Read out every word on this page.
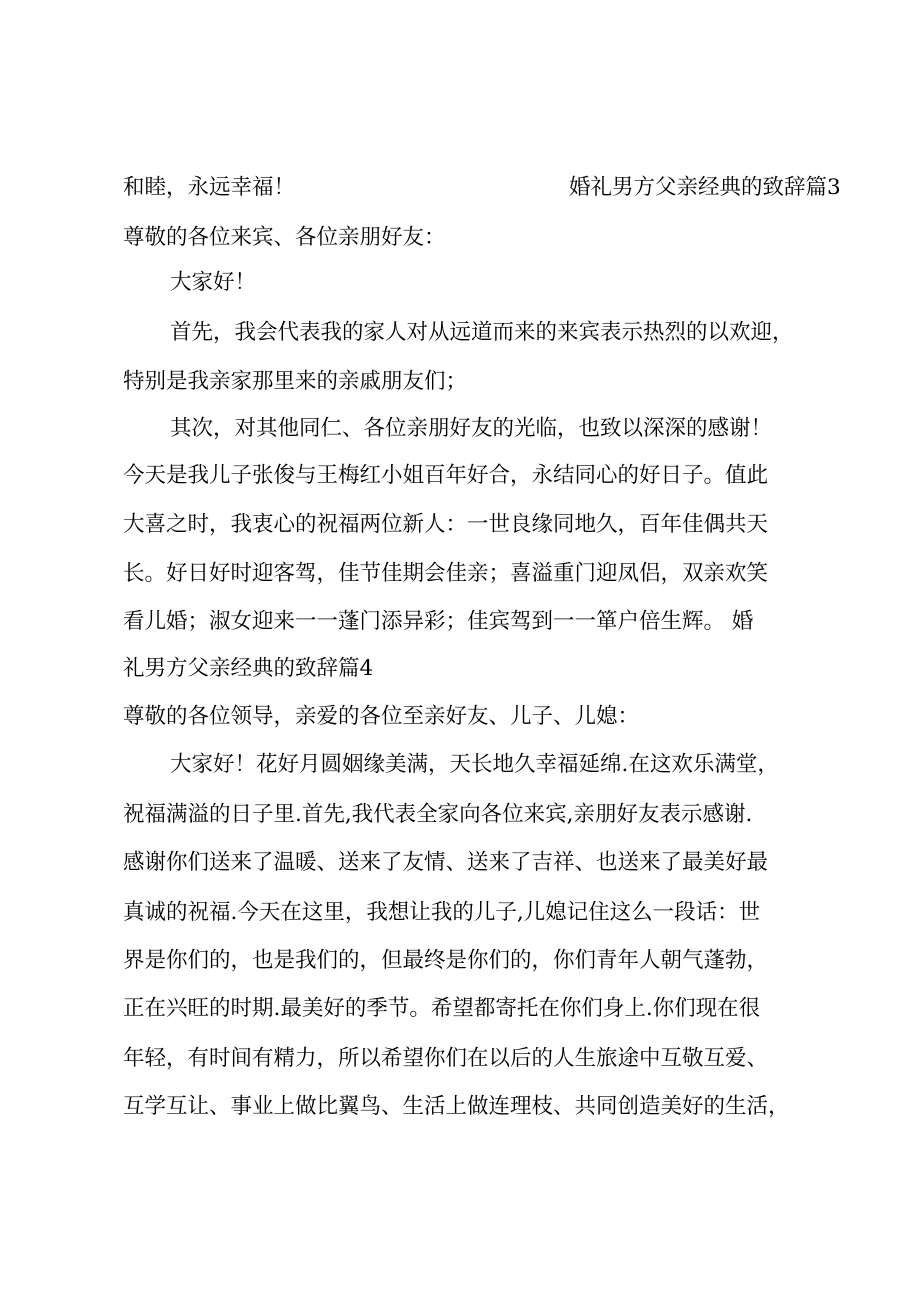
和睦，永远幸福！	婚礼男方父亲经典的致辞篇3
尊敬的各位来宾、各位亲朋好友：
大家好！
首先，我会代表我的家人对从远道而来的来宾表示热烈的以欢迎，
特别是我亲家那里来的亲戚朋友们；
其次，对其他同仁、各位亲朋好友的光临，也致以深深的感谢！
今天是我儿子张俊与王梅红小姐百年好合，永结同心的好日子。值此
大喜之时，我衷心的祝福两位新人：一世良缘同地久，百年佳偶共天
长。好日好时迎客驾，佳节佳期会佳亲；喜溢重门迎凤侣，双亲欢笑
看儿婚；淑女迎来一一蓬门添异彩；佳宾驾到一一箪户倍生辉。 婚
礼男方父亲经典的致辞篇4
尊敬的各位领导，亲爱的各位至亲好友、儿子、儿媳：
大家好！花好月圆姻缘美满，天长地久幸福延绵.在这欢乐满堂，
祝福满溢的日子里.首先,我代表全家向各位来宾,亲朋好友表示感谢.
感谢你们送来了温暖、送来了友情、送来了吉祥、也送来了最美好最
真诚的祝福.今天在这里，我想让我的儿子,儿媳记住这么一段话：世
界是你们的，也是我们的，但最终是你们的，你们青年人朝气蓬勃，
正在兴旺的时期.最美好的季节。希望都寄托在你们身上.你们现在很
年轻，有时间有精力，所以希望你们在以后的人生旅途中互敬互爱、
互学互让、事业上做比翼鸟、生活上做连理枝、共同创造美好的生活，
